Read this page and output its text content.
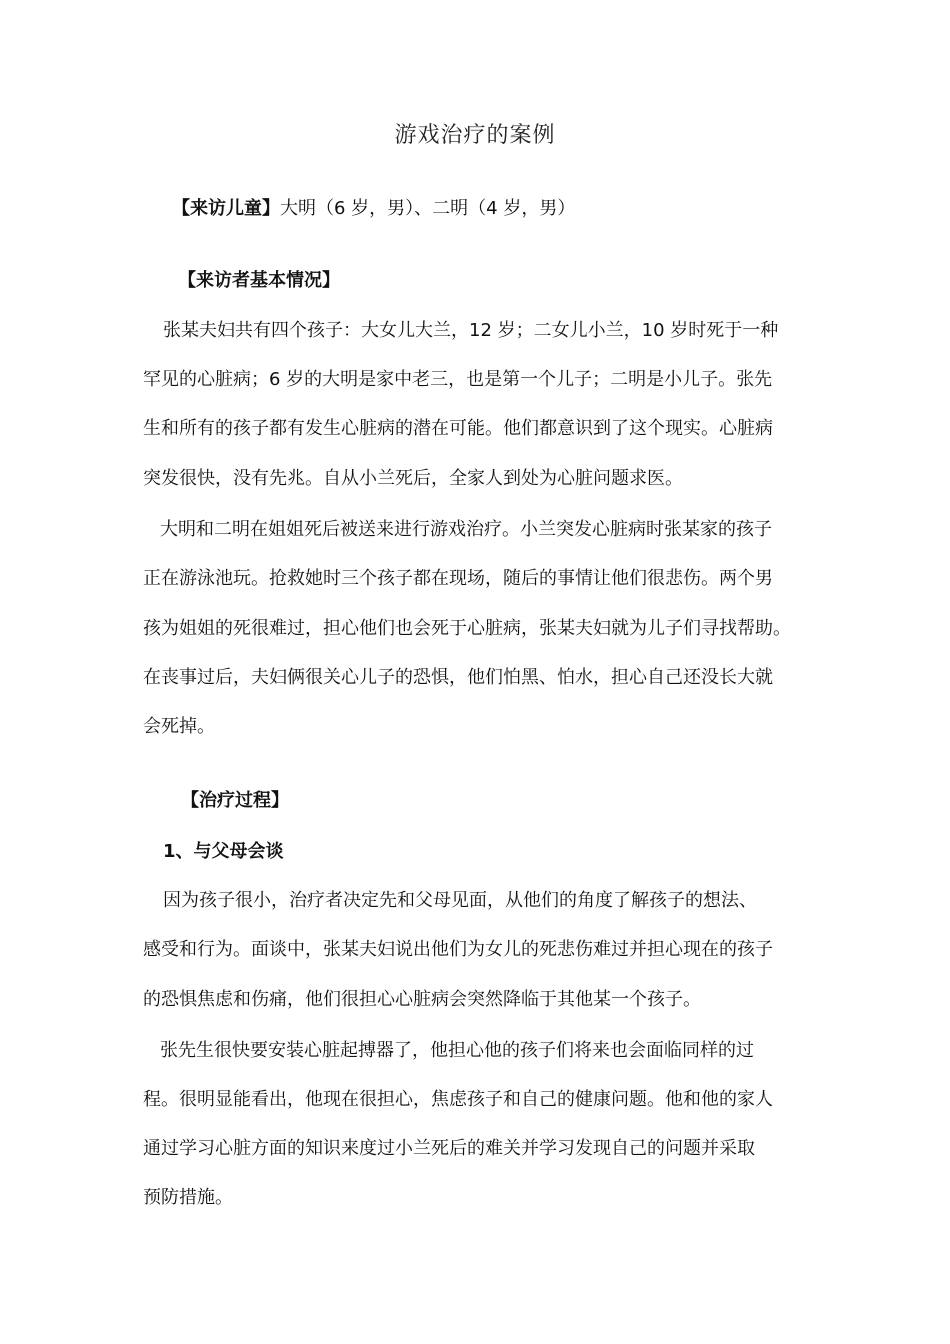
游戏治疗的案例
【来访儿童】大明（6 岁，男）、二明（4 岁，男）
【来访者基本情况】
张某夫妇共有四个孩子：大女儿大兰，12 岁；二女儿小兰，10 岁时死于一种
罕见的心脏病；6 岁的大明是家中老三，也是第一个儿子；二明是小儿子。张先
生和所有的孩子都有发生心脏病的潜在可能。他们都意识到了这个现实。心脏病
突发很快，没有先兆。自从小兰死后，全家人到处为心脏问题求医。
大明和二明在姐姐死后被送来进行游戏治疗。小兰突发心脏病时张某家的孩子
正在游泳池玩。抢救她时三个孩子都在现场，随后的事情让他们很悲伤。两个男
孩为姐姐的死很难过，担心他们也会死于心脏病，张某夫妇就为儿子们寻找帮助。
在丧事过后，夫妇俩很关心儿子的恐惧，他们怕黑、怕水，担心自己还没长大就
会死掉。
【治疗过程】
1、与父母会谈
因为孩子很小，治疗者决定先和父母见面，从他们的角度了解孩子的想法、
感受和行为。面谈中，张某夫妇说出他们为女儿的死悲伤难过并担心现在的孩子
的恐惧焦虑和伤痛，他们很担心心脏病会突然降临于其他某一个孩子。
张先生很快要安装心脏起搏器了，他担心他的孩子们将来也会面临同样的过
程。很明显能看出，他现在很担心，焦虑孩子和自己的健康问题。他和他的家人
通过学习心脏方面的知识来度过小兰死后的难关并学习发现自己的问题并采取
预防措施。
